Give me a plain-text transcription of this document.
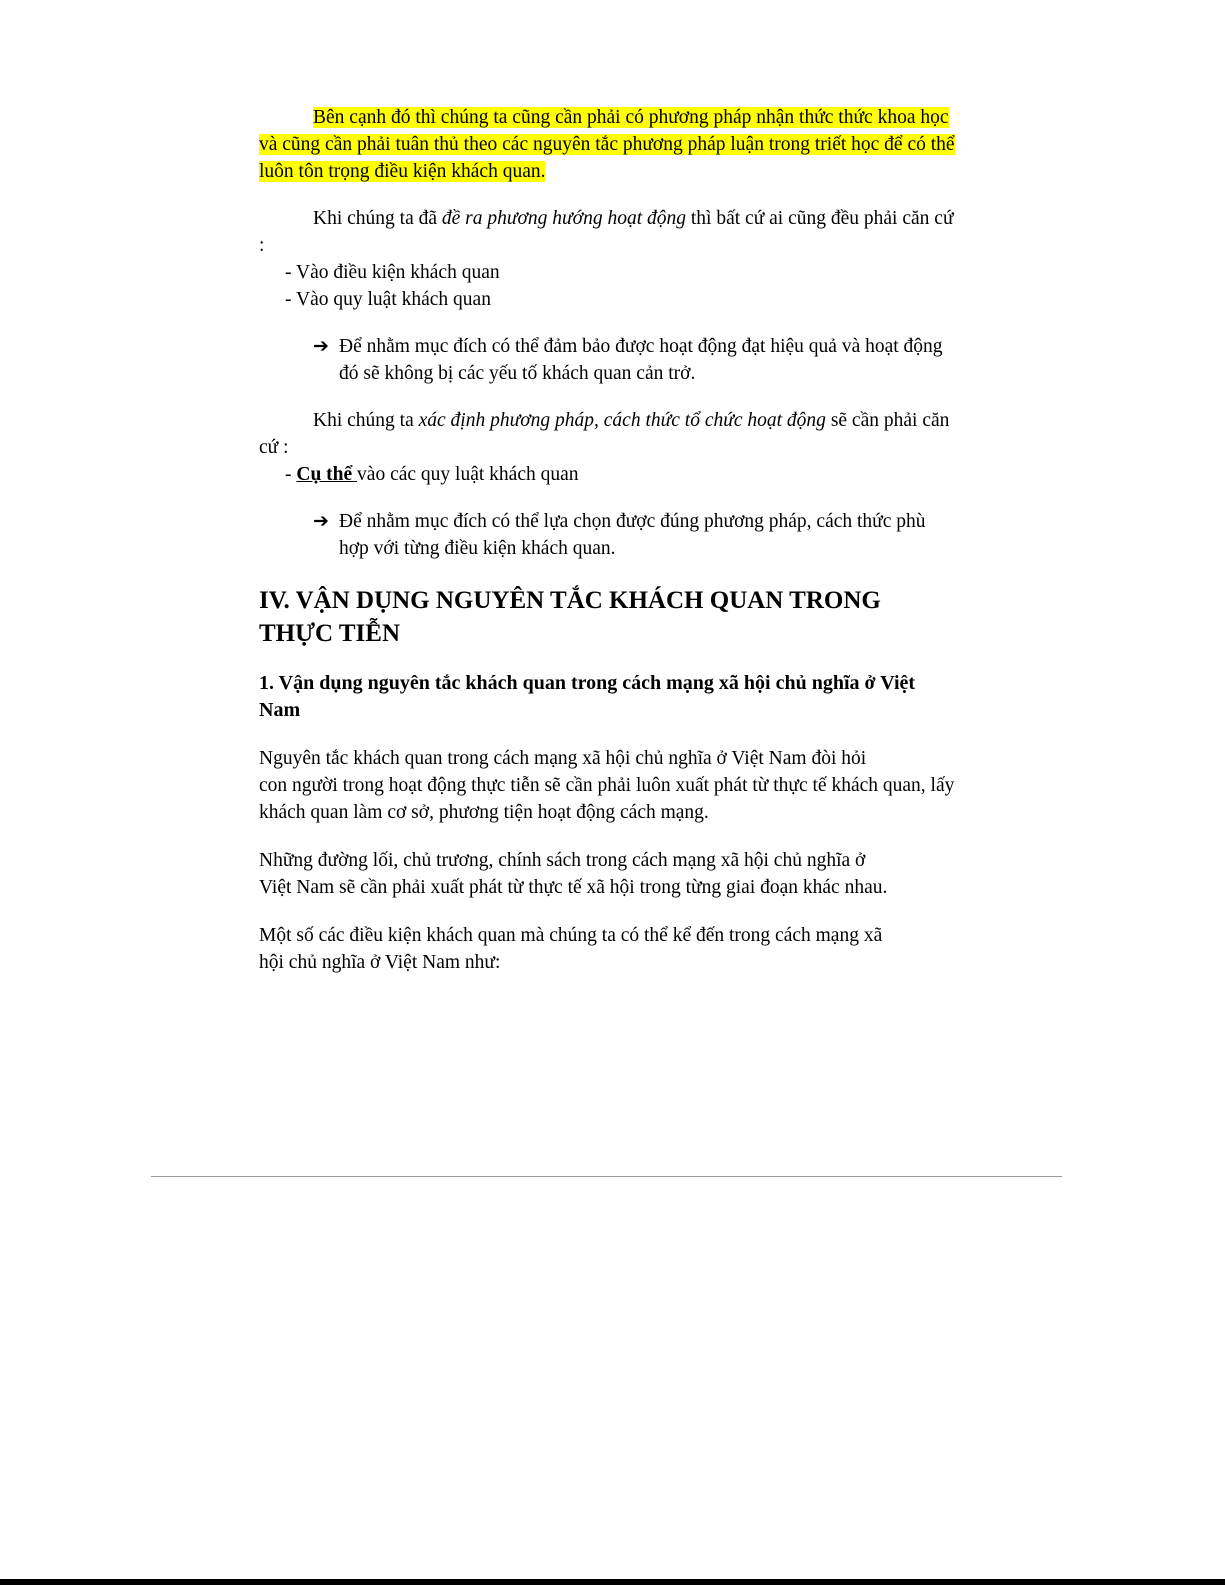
Bên cạnh đó thì chúng ta cũng cần phải có phương pháp nhận thức thức khoa học và cũng cần phải tuân thủ theo các nguyên tắc phương pháp luận trong triết học để có thể luôn tôn trọng điều kiện khách quan.

Khi chúng ta đã đề ra phương hướng hoạt động thì bất cứ ai cũng đều phải căn cứ :

- Vào điều kiện khách quan
- Vào quy luật khách quan
➔ Để nhằm mục đích có thể đảm bảo được hoạt động đạt hiệu quả và hoạt động đó sẽ không bị các yếu tố khách quan cản trở.

Khi chúng ta xác định phương pháp, cách thức tổ chức hoạt động sẽ cần phải căn cứ :

- Cụ thể vào các quy luật khách quan
➔ Để nhằm mục đích có thể lựa chọn được đúng phương pháp, cách thức phù hợp với từng điều kiện khách quan.
IV. VẬN DỤNG NGUYÊN TẮC KHÁCH QUAN TRONG THỰC TIỄN
1. Vận dụng nguyên tắc khách quan trong cách mạng xã hội chủ nghĩa ở Việt Nam

Nguyên tắc khách quan trong cách mạng xã hội chủ nghĩa ở Việt Nam đòi hỏi
con người trong hoạt động thực tiễn sẽ cần phải luôn xuất phát từ thực tế khách quan, lấy khách quan làm cơ sở, phương tiện hoạt động cách mạng.

Những đường lối, chủ trương, chính sách trong cách mạng xã hội chủ nghĩa ở
Việt Nam sẽ cần phải xuất phát từ thực tế xã hội trong từng giai đoạn khác nhau.

Một số các điều kiện khách quan mà chúng ta có thể kể đến trong cách mạng xã
hội chủ nghĩa ở Việt Nam như:
